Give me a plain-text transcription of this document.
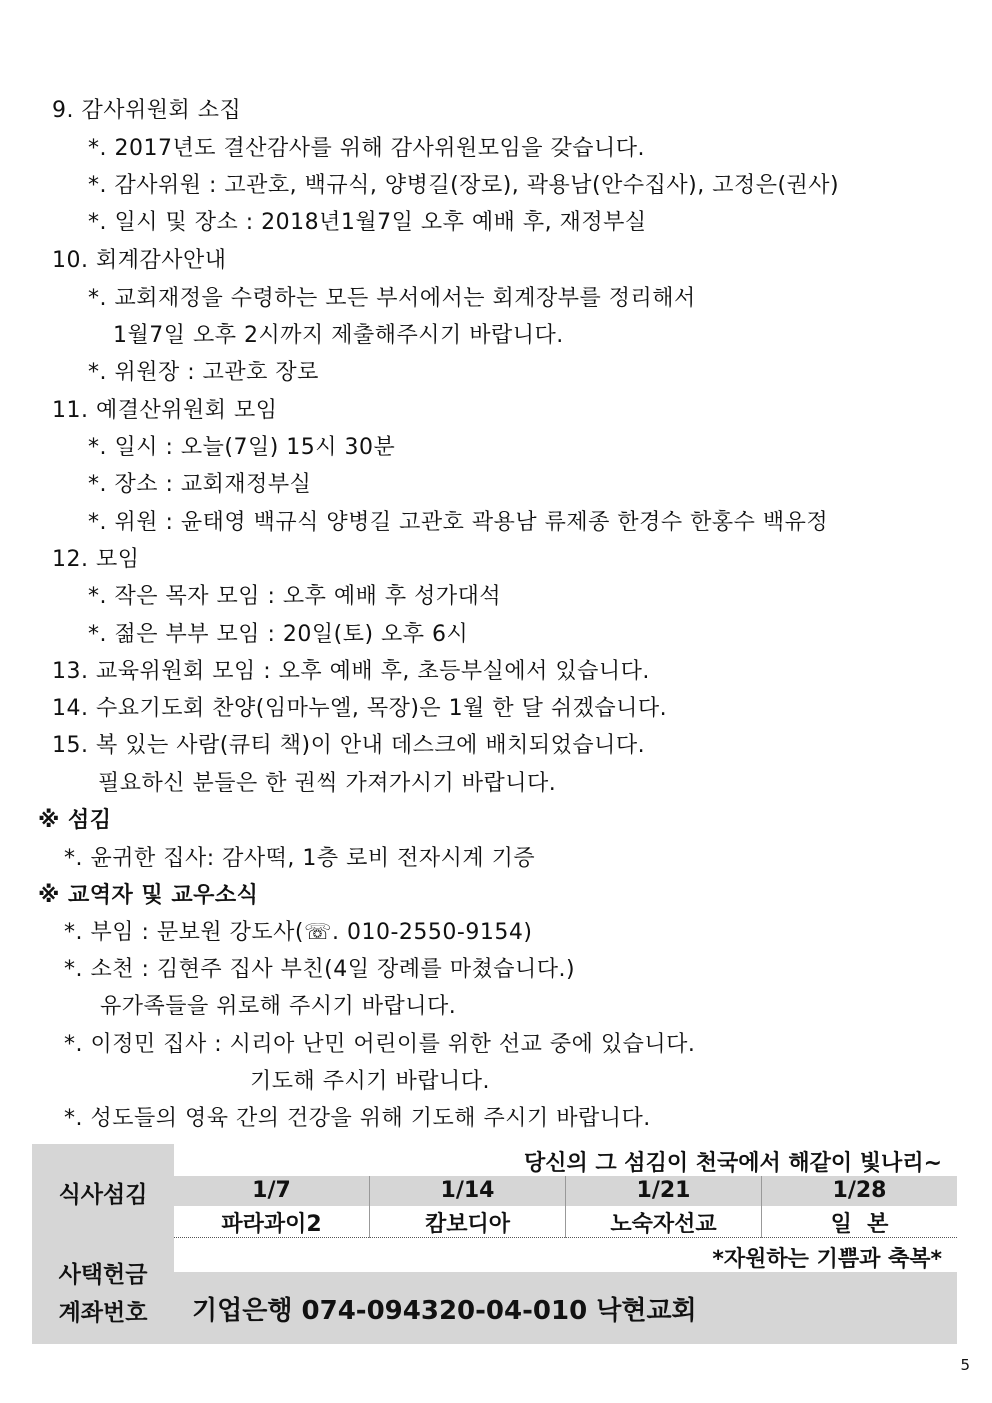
9. 감사위원회 소집
*. 2017년도 결산감사를 위해 감사위원모임을 갖습니다.
*. 감사위원 : 고관호, 백규식, 양병길(장로), 곽용남(안수집사), 고정은(권사)
*. 일시 및 장소 : 2018년1월7일 오후 예배 후, 재정부실
10. 회계감사안내
*. 교회재정을 수령하는 모든 부서에서는 회계장부를 정리해서
1월7일 오후 2시까지 제출해주시기 바랍니다.
*. 위원장 : 고관호 장로
11. 예결산위원회 모임
*. 일시 : 오늘(7일) 15시 30분
*. 장소 : 교회재정부실
*. 위원 : 윤태영 백규식 양병길 고관호 곽용남 류제종 한경수 한홍수 백유정
12. 모임
*. 작은 목자 모임 : 오후 예배 후 성가대석
*. 젊은 부부 모임 : 20일(토) 오후 6시
13. 교육위원회 모임 : 오후 예배 후, 초등부실에서 있습니다.
14. 수요기도회 찬양(임마누엘, 목장)은 1월 한 달 쉬겠습니다.
15. 복 있는 사람(큐티 책)이 안내 데스크에 배치되었습니다.
필요하신 분들은 한 권씩 가져가시기 바랍니다.
※ 섬김
*. 윤귀한 집사: 감사떡, 1층 로비 전자시계 기증
※ 교역자 및 교우소식
*. 부임 : 문보원 강도사(☏. 010-2550-9154)
*. 소천 : 김현주 집사 부친(4일 장례를 마쳤습니다.)
유가족들을 위로해 주시기 바랍니다.
*. 이정민 집사 : 시리아 난민 어린이를 위한 선교 중에 있습니다.
기도해 주시기 바랍니다.
*. 성도들의 영육 간의 건강을 위해 기도해 주시기 바랍니다.
식사섬김
당신의 그 섬김이 천국에서 해같이 빛나리~
1/7	1/14	1/21	1/28
파라과이2	캄보디아	노숙자선교	일  본
사택헌금
*자원하는 기쁨과 축복*
계좌번호	기업은행 074-094320-04-010 낙현교회
5
